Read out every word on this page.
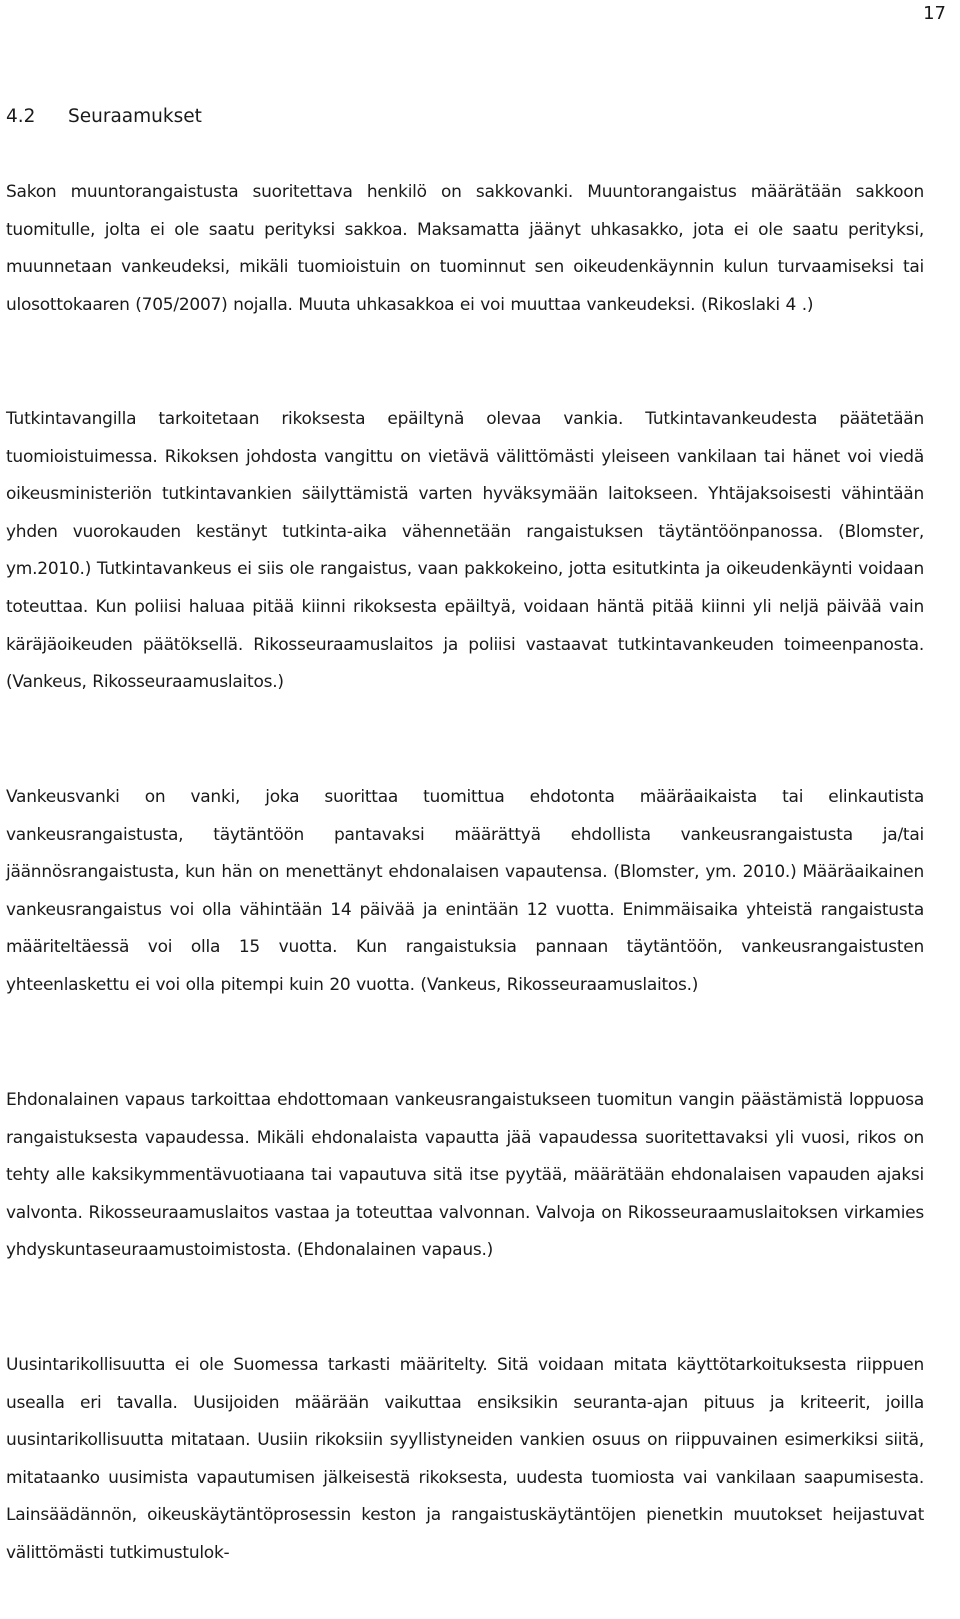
17
4.2	Seuraamukset

Sakon muuntorangaistusta suoritettava henkilö on sakkovanki. Muuntorangaistus määrätään sakkoon tuomitulle, jolta ei ole saatu perityksi sakkoa. Maksamatta jäänyt uhkasakko, jota ei ole saatu perityksi, muunnetaan vankeudeksi, mikäli tuomioistuin on tuominnut sen oikeudenkäynnin kulun turvaamiseksi tai ulosottokaaren (705/2007) nojalla. Muuta uhkasakkoa ei voi muuttaa vankeudeksi. (Rikoslaki 4 .)

Tutkintavangilla tarkoitetaan rikoksesta epäiltynä olevaa vankia. Tutkintavankeudesta päätetään tuomioistuimessa. Rikoksen johdosta vangittu on vietävä välittömästi yleiseen vankilaan tai hänet voi viedä oikeusministeriön tutkintavankien säilyttämistä varten hyväksymään laitokseen. Yhtäjaksoisesti vähintään yhden vuorokauden kestänyt tutkinta-aika vähennetään rangaistuksen täytäntöönpanossa. (Blomster, ym.2010.) Tutkintavankeus ei siis ole rangaistus, vaan pakkokeino, jotta esitutkinta ja oikeudenkäynti voidaan toteuttaa. Kun poliisi haluaa pitää kiinni rikoksesta epäiltyä, voidaan häntä pitää kiinni yli neljä päivää vain käräjäoikeuden päätöksellä. Rikosseuraamuslaitos ja poliisi vastaavat tutkintavankeuden toimeenpanosta. (Vankeus, Rikosseuraamuslaitos.)

Vankeusvanki on vanki, joka suorittaa tuomittua ehdotonta määräaikaista tai elinkautista vankeusrangaistusta, täytäntöön pantavaksi määrättyä ehdollista vankeusrangaistusta ja/tai jäännösrangaistusta, kun hän on menettänyt ehdonalaisen vapautensa. (Blomster, ym. 2010.) Määräaikainen vankeusrangaistus voi olla vähintään 14 päivää ja enintään 12 vuotta. Enimmäisaika yhteistä rangaistusta määriteltäessä voi olla 15 vuotta. Kun rangaistuksia pannaan täytäntöön, vankeusrangaistusten yhteenlaskettu ei voi olla pitempi kuin 20 vuotta. (Vankeus, Rikosseuraamuslaitos.)

Ehdonalainen vapaus tarkoittaa ehdottomaan vankeusrangaistukseen tuomitun vangin päästämistä loppuosa rangaistuksesta vapaudessa. Mikäli ehdonalaista vapautta jää vapaudessa suoritettavaksi yli vuosi, rikos on tehty alle kaksikymmentävuotiaana tai vapautuva sitä itse pyytää, määrätään ehdonalaisen vapauden ajaksi valvonta. Rikosseuraamuslaitos vastaa ja toteuttaa valvonnan. Valvoja on Rikosseuraamuslaitoksen virkamies yhdyskuntaseuraamustoimistosta. (Ehdonalainen vapaus.)

Uusintarikollisuutta ei ole Suomessa tarkasti määritelty. Sitä voidaan mitata käyttötarkoituksesta riippuen usealla eri tavalla. Uusijoiden määrään vaikuttaa ensiksikin seuranta-ajan pituus ja kriteerit, joilla uusintarikollisuutta mitataan. Uusiin rikoksiin syyllistyneiden vankien osuus on riippuvainen esimerkiksi siitä, mitataanko uusimista vapautumisen jälkeisestä rikoksesta, uudesta tuomiosta vai vankilaan saapumisesta. Lainsäädännön, oikeuskäytäntöprosessin keston ja rangaistuskäytäntöjen pienetkin muutokset heijastuvat välittömästi tutkimustulok-
